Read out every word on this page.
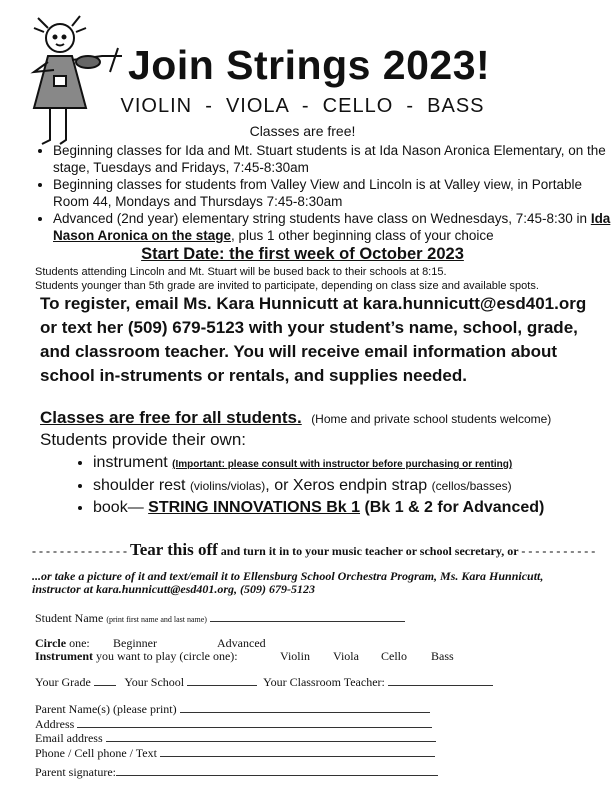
Join Strings 2023!
VIOLIN  -  VIOLA  -  CELLO  -  BASS
Classes are free!
• Beginning classes for Ida and Mt. Stuart students is at Ida Nason Aronica Elementary, on the stage, Tuesdays and Fridays, 7:45-8:30am
• Beginning classes for students from Valley View and Lincoln is at Valley view, in Portable Room 44, Mondays and Thursdays 7:45-8:30am
• Advanced (2nd year) elementary string students have class on Wednesdays, 7:45-8:30 in Ida Nason Aronica on the stage, plus 1 other beginning class of your choice
Start Date: the first week of October 2023
Students attending Lincoln and Mt. Stuart will be bused back to their schools at 8:15.
Students younger than 5th grade are invited to participate, depending on class size and available spots.
To register, email Ms. Kara Hunnicutt at kara.hunnicutt@esd401.org or text her (509) 679-5123 with your student’s name, school, grade, and classroom teacher. You will receive email information about school in-struments or rentals, and supplies needed.
Classes are free for all students. (Home and private school students welcome)
Students provide their own:
• instrument (Important: please consult with instructor before purchasing or renting)
• shoulder rest (violins/violas), or Xeros endpin strap (cellos/basses)
• book— STRING INNOVATIONS Bk 1 (Bk 1 & 2 for Advanced)
- - - - - - - - - - - - - - Tear this off and turn it in to your music teacher or school secretary, or - - - - - - - - - - -
...or take a picture of it and text/email it to Ellensburg School Orchestra Program, Ms. Kara Hunnicutt, instructor at kara.hunnicutt@esd401.org, (509) 679-5123
Student Name (print first name and last name)
Circle one: Beginner	Advanced
Instrument you want to play (circle one):	Violin Viola Cello Bass
Your Grade	Your School	Your Classroom Teacher:
Parent Name(s) (please print)
Address
Email address
Phone / Cell phone / Text
Parent signature:
